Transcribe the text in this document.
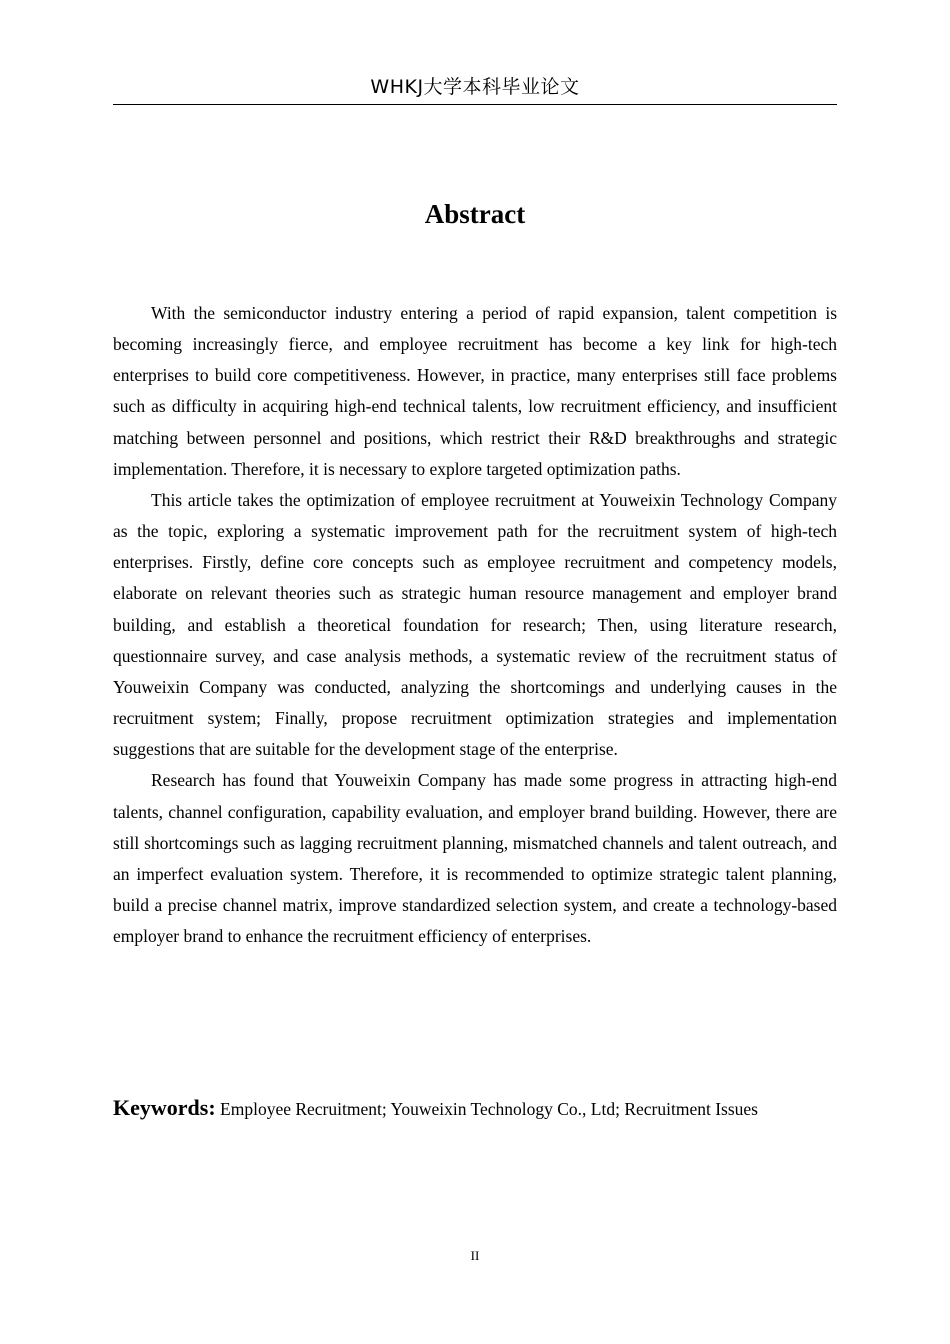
WHKJ大学本科毕业论文
Abstract

With the semiconductor industry entering a period of rapid expansion, talent competition is becoming increasingly fierce, and employee recruitment has become a key link for high-tech enterprises to build core competitiveness. However, in practice, many enterprises still face problems such as difficulty in acquiring high-end technical talents, low recruitment efficiency, and insufficient matching between personnel and positions, which restrict their R&D breakthroughs and strategic implementation. Therefore, it is necessary to explore targeted optimization paths.

This article takes the optimization of employee recruitment at Youweixin Technology Company as the topic, exploring a systematic improvement path for the recruitment system of high-tech enterprises. Firstly, define core concepts such as employee recruitment and competency models, elaborate on relevant theories such as strategic human resource management and employer brand building, and establish a theoretical foundation for research; Then, using literature research, questionnaire survey, and case analysis methods, a systematic review of the recruitment status of Youweixin Company was conducted, analyzing the shortcomings and underlying causes in the recruitment system; Finally, propose recruitment optimization strategies and implementation suggestions that are suitable for the development stage of the enterprise.

Research has found that Youweixin Company has made some progress in attracting high-end talents, channel configuration, capability evaluation, and employer brand building. However, there are still shortcomings such as lagging recruitment planning, mismatched channels and talent outreach, and an imperfect evaluation system. Therefore, it is recommended to optimize strategic talent planning, build a precise channel matrix, improve standardized selection system, and create a technology-based employer brand to enhance the recruitment efficiency of enterprises.

Keywords: Employee Recruitment; Youweixin Technology Co., Ltd; Recruitment Issues
II
